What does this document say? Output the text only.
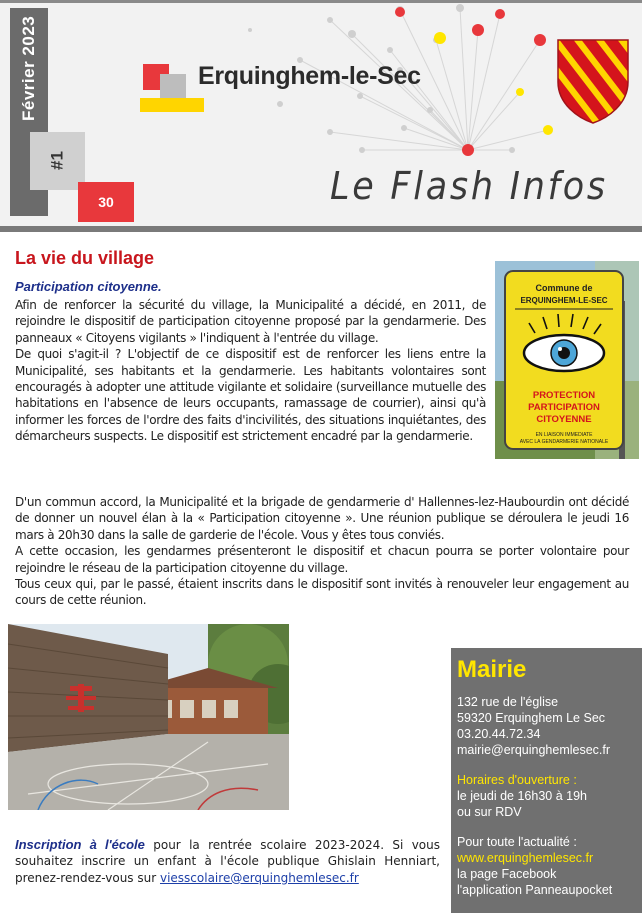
Février 2023
#1
30
Erquinghem-le-Sec
Le Flash Infos
La vie du village
Participation citoyenne.

Afin de renforcer la sécurité du village, la Municipalité a décidé, en 2011, de rejoindre le dispositif de participation citoyenne proposé par la gendarmerie. Des panneaux « Citoyens vigilants » l'indiquent à l'entrée du village.

De quoi s'agit-il ? L'objectif de ce dispositif est de renforcer les liens entre la Municipalité, ses habitants et la gendarmerie. Les habitants volontaires sont encouragés à adopter une attitude vigilante et solidaire (surveillance mutuelle des habitations en l'absence de leurs occupants, ramassage de courrier), ainsi qu'à informer les forces de l'ordre des faits d'incivilités, des situations inquiétantes, des démarcheurs suspects. Le dispositif est strictement encadré par la gendarmerie.

Commune de
ERQUINGHEM-LE-SEC
PROTECTION
PARTICIPATION
CITOYENNE
EN LIAISON IMMEDIATE
AVEC LA GENDARMERIE NATIONALE

D'un commun accord, la Municipalité et la brigade de gendarmerie d' Hallennes-lez-Haubourdin ont décidé de donner un nouvel élan à la « Participation citoyenne ». Une réunion publique se déroulera le jeudi 16 mars à 20h30 dans la salle de garderie de l'école. Vous y êtes tous conviés.

A cette occasion, les gendarmes présenteront le dispositif et chacun pourra se porter volontaire pour rejoindre le réseau de la participation citoyenne du village.

Tous ceux qui, par le passé, étaient inscrits dans le dispositif sont invités à renouveler leur engagement au cours de cette réunion.

Inscription à l'école pour la rentrée scolaire 2023-2024. Si vous souhaitez inscrire un enfant à l'école publique Ghislain Henniart, prenez-rendez-vous sur viesscolaire@erquinghemlesec.fr
Mairie
132 rue de l'église
59320 Erquinghem Le Sec
03.20.44.72.34
mairie@erquinghemlesec.fr
Horaires d'ouverture :
le jeudi de 16h30 à 19h
ou sur RDV
Pour toute l'actualité :
www.erquinghemlesec.fr
la page Facebook
l'application Panneaupocket
